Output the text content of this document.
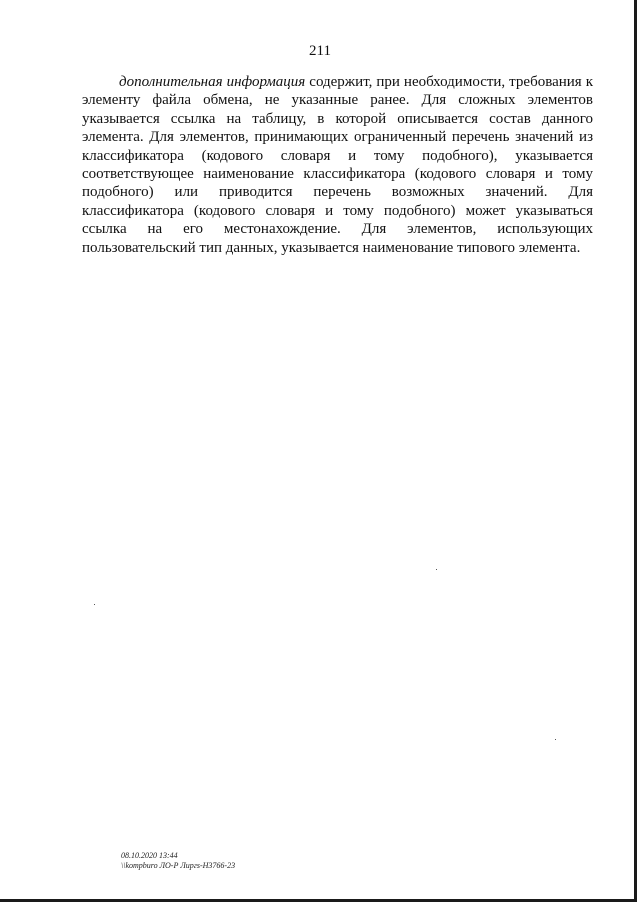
211

дополнительная информация содержит, при необходимости, требования к элементу файла обмена, не указанные ранее. Для сложных элементов указывается ссылка на таблицу, в которой описывается состав данного элемента. Для элементов, принимающих ограниченный перечень значений из классификатора (кодового словаря и тому подобного), указывается соответствующее наименование классификатора (кодового словаря и тому подобного) или приводится перечень возможных значений. Для классификатора (кодового словаря и тому подобного) может указываться ссылка на его местонахождение. Для элементов, использующих пользовательский тип данных, указывается наименование типового элемента.

08.10.2020 13:44
\\kompburo ЛО-Р Лиргs-Н3766-23
